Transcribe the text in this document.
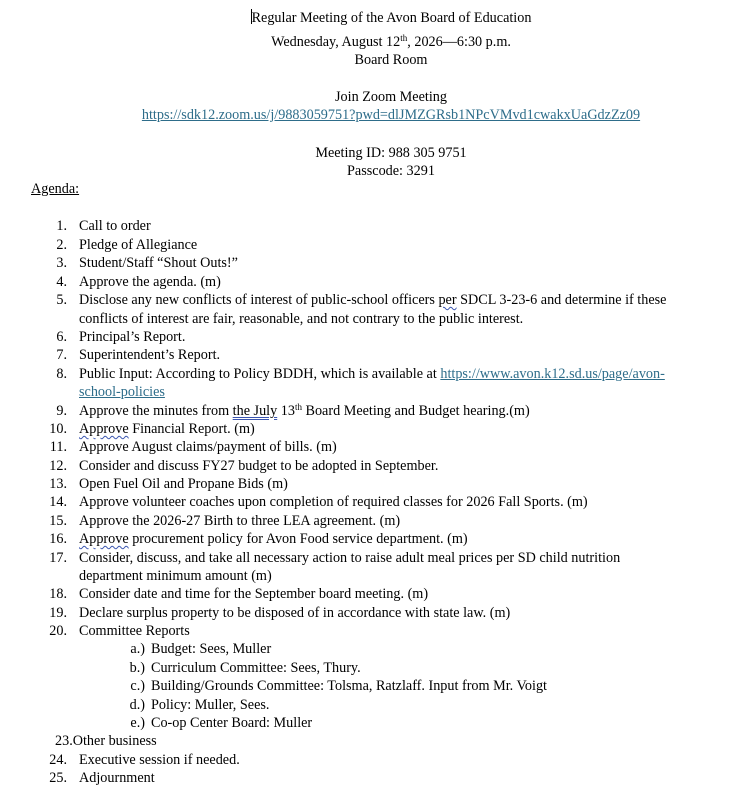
Regular Meeting of the Avon Board of Education
Wednesday, August 12th, 2026—6:30 p.m.
Board Room
Join Zoom Meeting
https://sdk12.zoom.us/j/9883059751?pwd=dlJMZGRsb1NPcVMvd1cwakxUaGdzZz09
Meeting ID: 988 305 9751
Passcode: 3291
Agenda:
1. Call to order
2. Pledge of Allegiance
3. Student/Staff “Shout Outs!”
4. Approve the agenda. (m)
5. Disclose any new conflicts of interest of public-school officers per SDCL 3-23-6 and determine if these
conflicts of interest are fair, reasonable, and not contrary to the public interest.
6. Principal’s Report.
7. Superintendent’s Report.
8. Public Input: According to Policy BDDH, which is available at https://www.avon.k12.sd.us/page/avon-
school-policies
9. Approve the minutes from the July 13th Board Meeting and Budget hearing.(m)
10. Approve Financial Report. (m)
11. Approve August claims/payment of bills. (m)
12. Consider and discuss FY27 budget to be adopted in September.
13. Open Fuel Oil and Propane Bids (m)
14. Approve volunteer coaches upon completion of required classes for 2026 Fall Sports. (m)
15. Approve the 2026-27 Birth to three LEA agreement. (m)
16. Approve procurement policy for Avon Food service department. (m)
17. Consider, discuss, and take all necessary action to raise adult meal prices per SD child nutrition
department minimum amount (m)
18. Consider date and time for the September board meeting. (m)
19. Declare surplus property to be disposed of in accordance with state law. (m)
20. Committee Reports
a.) Budget: Sees, Muller
b.) Curriculum Committee: Sees, Thury.
c.) Building/Grounds Committee: Tolsma, Ratzlaff. Input from Mr. Voigt
d.) Policy: Muller, Sees.
e.) Co-op Center Board: Muller
23.Other business
24. Executive session if needed.
25. Adjournment
